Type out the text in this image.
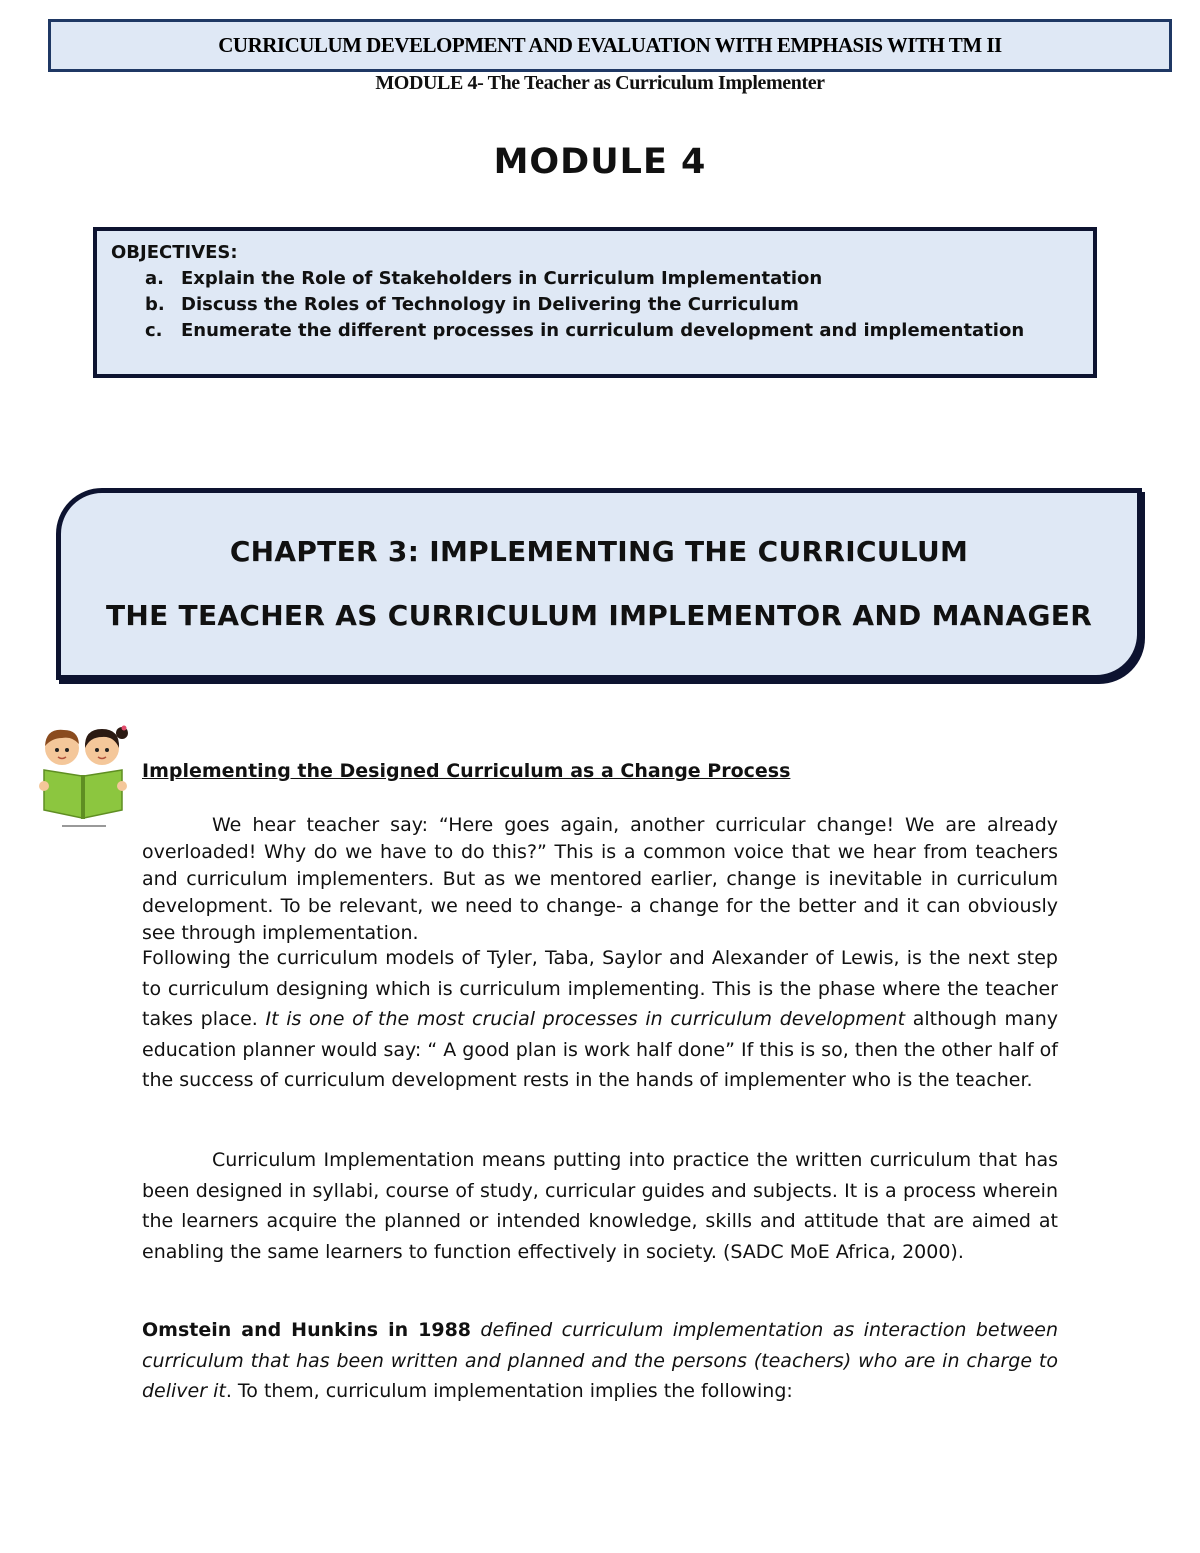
CURRICULUM DEVELOPMENT AND EVALUATION WITH EMPHASIS WITH TM II
MODULE 4- The Teacher as Curriculum Implementer
MODULE 4
OBJECTIVES:
a. Explain the Role of Stakeholders in Curriculum Implementation
b. Discuss the Roles of Technology in Delivering the Curriculum
c.	Enumerate the different processes in curriculum development and implementation
CHAPTER 3: IMPLEMENTING THE CURRICULUM
THE TEACHER AS CURRICULUM IMPLEMENTOR AND MANAGER
Implementing the Designed Curriculum as a Change Process

We hear teacher say: “Here goes again, another curricular change! We are already overloaded! Why do we have to do this?” This is a common voice that we hear from teachers and curriculum implementers. But as we mentored earlier, change is inevitable in curriculum development. To be relevant, we need to change- a change for the better and it can obviously see through implementation.

Following the curriculum models of Tyler, Taba, Saylor and Alexander of Lewis, is the next step to curriculum designing which is curriculum implementing. This is the phase where the teacher takes place. It is one of the most crucial processes in curriculum development although many education planner would say: “ A good plan is work half done” If this is so, then the other half of the success of curriculum development rests in the hands of implementer who is the teacher.

Curriculum Implementation means putting into practice the written curriculum that has been designed in syllabi, course of study, curricular guides and subjects. It is a process wherein the learners acquire the planned or intended knowledge, skills and attitude that are aimed at enabling the same learners to function effectively in society. (SADC MoE Africa, 2000).

Omstein and Hunkins in 1988 defined curriculum implementation as interaction between curriculum that has been written and planned and the persons (teachers) who are in charge to deliver it. To them, curriculum implementation implies the following:
